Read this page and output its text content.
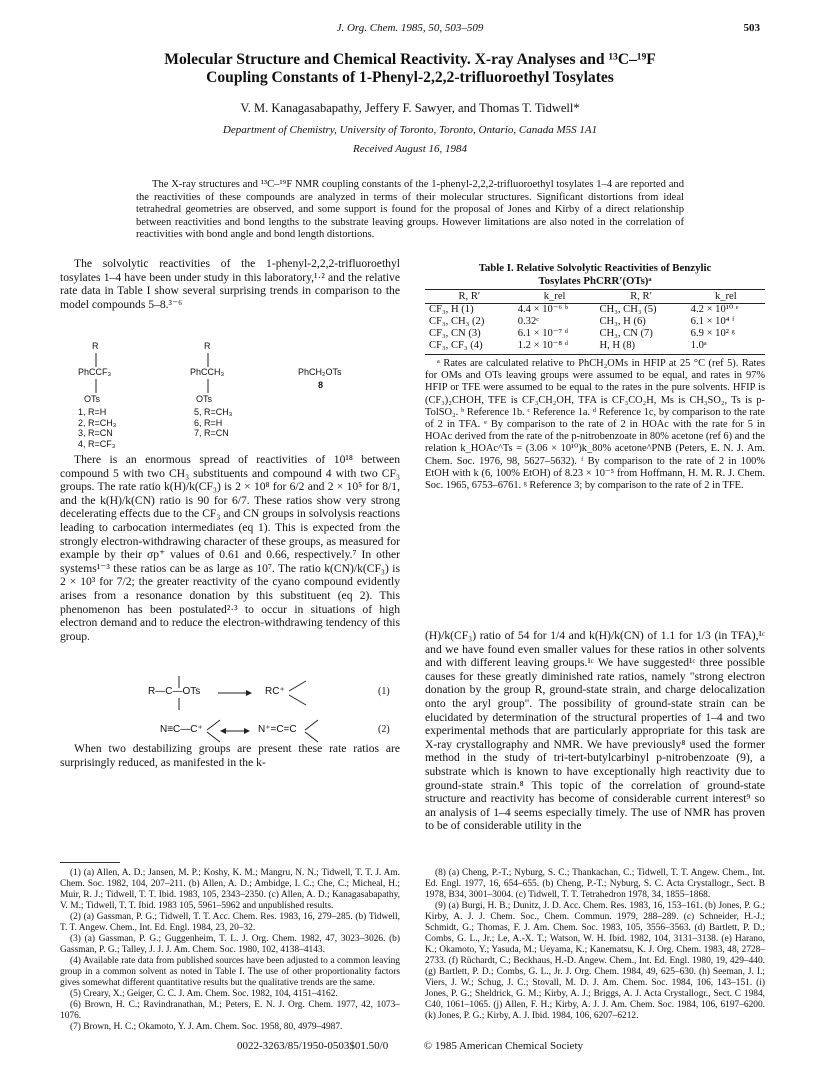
J. Org. Chem. 1985, 50, 503–509	503
Molecular Structure and Chemical Reactivity. X-ray Analyses and ¹³C–¹⁹F
Coupling Constants of 1-Phenyl-2,2,2-trifluoroethyl Tosylates
V. M. Kanagasabapathy, Jeffery F. Sawyer, and Thomas T. Tidwell*
Department of Chemistry, University of Toronto, Toronto, Ontario, Canada M5S 1A1
Received August 16, 1984
The X-ray structures and ¹³C–¹⁹F NMR coupling constants of the 1-phenyl-2,2,2-trifluoroethyl tosylates 1–4 are reported and the reactivities of these compounds are analyzed in terms of their molecular structures. Significant distortions from ideal tetrahedral geometries are observed, and some support is found for the proposal of Jones and Kirby of a direct relationship between reactivities and bond lengths to the substrate leaving groups. However limitations are also noted in the correlation of reactivities with bond angle and bond length distortions.

The solvolytic reactivities of the 1-phenyl-2,2,2-trifluoroethyl tosylates 1–4 have been under study in this laboratory,¹·² and the relative rate data in Table I show several surprising trends in comparison to the model compounds 5–8.³⁻⁶

R
PhCCF₃
OTs
R
PhCCH₃
OTs
PhCH₂OTs
8
1, R=H
2, R=CH₃
3, R=CN
4, R=CF₃
5, R=CH₃
6, R=H
7, R=CN

There is an enormous spread of reactivities of 10¹⁸ between compound 5 with two CH₃ substituents and compound 4 with two CF₃ groups. The rate ratio k(H)/k(CF₃) is 2 × 10⁸ for 6/2 and 2 × 10⁵ for 8/1, and the k(H)/k(CN) ratio is 90 for 6/7. These ratios show very strong decelerating effects due to the CF₃ and CN groups in solvolysis reactions leading to carbocation intermediates (eq 1). This is expected from the strongly electron-withdrawing character of these groups, as measured for example by their σp⁺ values of 0.61 and 0.66, respectively.⁷ In other systems¹⁻³ these ratios can be as large as 10⁷. The ratio k(CN)/k(CF₃) is 2 × 10³ for 7/2; the greater reactivity of the cyano compound evidently arises from a resonance donation by this substituent (eq 2). This phenomenon has been postulated²·³ to occur in situations of high electron demand and to reduce the electron-withdrawing tendency of this group.

R—C—OTs	RC⁺	(1)
N≡C—C⁺	N⁺=C=C	(2)

When two destabilizing groups are present these rate ratios are surprisingly reduced, as manifested in the k-

Table I. Relative Solvolytic Reactivities of Benzylic
Tosylates PhCRR′(OTs)ᵃ
R, R′	k_rel	R, R′	k_rel
CF₃, H (1)	4.4 × 10⁻⁶ ᵇ	CH₃, CH₃ (5)	4.2 × 10¹⁰ ᵉ
CF₃, CH₃ (2)	0.32ᶜ	CH₃, H (6)	6.1 × 10⁴ ᶠ
CF₃, CN (3)	6.1 × 10⁻⁷ ᵈ	CH₃, CN (7)	6.9 × 10² ᵍ
CF₃, CF₃ (4)	1.2 × 10⁻⁸ ᵈ	H, H (8)	1.0ᵃ
ᵃ Rates are calculated relative to PhCH₂OMs in HFIP at 25 °C (ref 5). Rates for OMs and OTs leaving groups were assumed to be equal, and rates in 97% HFIP or TFE were assumed to be equal to the rates in the pure solvents. HFIP is (CF₃)₂CHOH, TFE is CF₃CH₂OH, TFA is CF₃CO₂H, Ms is CH₃SO₂, Ts is p-TolSO₂. ᵇ Reference 1b. ᶜ Reference 1a. ᵈ Reference 1c, by comparison to the rate of 2 in TFA. ᵉ By comparison to the rate of 2 in HOAc with the rate for 5 in HOAc derived from the rate of the p-nitrobenzoate in 80% acetone (ref 6) and the relation k_HOAc^Ts = (3.06 × 10¹⁰)k_80% acetone^PNB (Peters, E. N. J. Am. Chem. Soc. 1976, 98, 5627–5632). ᶠ By comparison to the rate of 2 in 100% EtOH with k (6, 100% EtOH) of 8.23 × 10⁻⁵ from Hoffmann, H. M. R. J. Chem. Soc. 1965, 6753–6761. ᵍ Reference 3; by comparison to the rate of 2 in TFE.

(H)/k(CF₃) ratio of 54 for 1/4 and k(H)/k(CN) of 1.1 for 1/3 (in TFA),¹ᶜ and we have found even smaller values for these ratios in other solvents and with different leaving groups.¹ᶜ We have suggested¹ᶜ three possible causes for these greatly diminished rate ratios, namely "strong electron donation by the group R, ground-state strain, and charge delocalization onto the aryl group". The possibility of ground-state strain can be elucidated by determination of the structural properties of 1–4 and two experimental methods that are particularly appropriate for this task are X-ray crystallography and NMR. We have previously⁸ used the former method in the study of tri-tert-butylcarbinyl p-nitrobenzoate (9), a substrate which is known to have exceptionally high reactivity due to ground-state strain.⁸ This topic of the correlation of ground-state structure and reactivity has become of considerable current interest⁹ so an analysis of 1–4 seems especially timely. The use of NMR has proven to be of considerable utility in the

(1) (a) Allen, A. D.; Jansen, M. P.; Koshy, K. M.; Mangru, N. N.; Tidwell, T. T. J. Am. Chem. Soc. 1982, 104, 207–211. (b) Allen, A. D.; Ambidge, I. C.; Che, C.; Micheal, H.; Muir, R. J.; Tidwell, T. T. Ibid. 1983, 105, 2343–2350. (c) Allen, A. D.; Kanagasabapathy, V. M.; Tidwell, T. T. Ibid. 1983 105, 5961–5962 and unpublished results.
(2) (a) Gassman, P. G.; Tidwell, T. T. Acc. Chem. Res. 1983, 16, 279–285. (b) Tidwell, T. T. Angew. Chem., Int. Ed. Engl. 1984, 23, 20–32.
(3) (a) Gassman, P. G.; Guggenheim, T. L. J. Org. Chem. 1982, 47, 3023–3026. (b) Gassman, P. G.; Talley, J. J. J. Am. Chem. Soc. 1980, 102, 4138–4143.
(4) Available rate data from published sources have been adjusted to a common leaving group in a common solvent as noted in Table I. The use of other proportionality factors gives somewhat different quantitative results but the qualitative trends are the same.
(5) Creary, X.; Geiger, C. C. J. Am. Chem. Soc. 1982, 104, 4151–4162.
(6) Brown, H. C.; Ravindranathan, M.; Peters, E. N. J. Org. Chem. 1977, 42, 1073–1076.
(7) Brown, H. C.; Okamoto, Y. J. Am. Chem. Soc. 1958, 80, 4979–4987.
(8) (a) Cheng, P.-T.; Nyburg, S. C.; Thankachan, C.; Tidwell, T. T. Angew. Chem., Int. Ed. Engl. 1977, 16, 654–655. (b) Cheng, P.-T.; Nyburg, S. C. Acta Crystallogr., Sect. B 1978, B34, 3001–3004. (c) Tidwell, T. T. Tetrahedron 1978, 34, 1855–1868.
(9) (a) Burgi, H. B.; Dunitz, J. D. Acc. Chem. Res. 1983, 16, 153–161. (b) Jones, P. G.; Kirby, A. J. J. Chem. Soc., Chem. Commun. 1979, 288–289. (c) Schneider, H.-J.; Schmidt, G.; Thomas, F. J. Am. Chem. Soc. 1983, 105, 3556–3563. (d) Bartlett, P. D.; Combs, G. L., Jr.; Le, A.-X. T.; Watson, W. H. Ibid. 1982, 104, 3131–3138. (e) Harano, K.; Okamoto, Y.; Yasuda, M.; Ueyama, K.; Kanematsu, K. J. Org. Chem. 1983, 48, 2728–2733. (f) Rüchardt, C.; Beckhaus, H.-D. Angew. Chem., Int. Ed. Engl. 1980, 19, 429–440. (g) Bartlett, P. D.; Combs, G. L., Jr. J. Org. Chem. 1984, 49, 625–630. (h) Seeman, J. I.; Viers, J. W.; Schug, J. C.; Stovall, M. D. J. Am. Chem. Soc. 1984, 106, 143–151. (i) Jones, P. G.; Sheldrick, G. M.; Kirby, A. J.; Briggs, A. J. Acta Crystallogr., Sect. C 1984, C40, 1061–1065. (j) Allen, F. H.; Kirby, A. J. J. Am. Chem. Soc. 1984, 106, 6197–6200. (k) Jones, P. G.; Kirby, A. J. Ibid. 1984, 106, 6207–6212.
0022-3263/85/1950-0503$01.50/0	© 1985 American Chemical Society
